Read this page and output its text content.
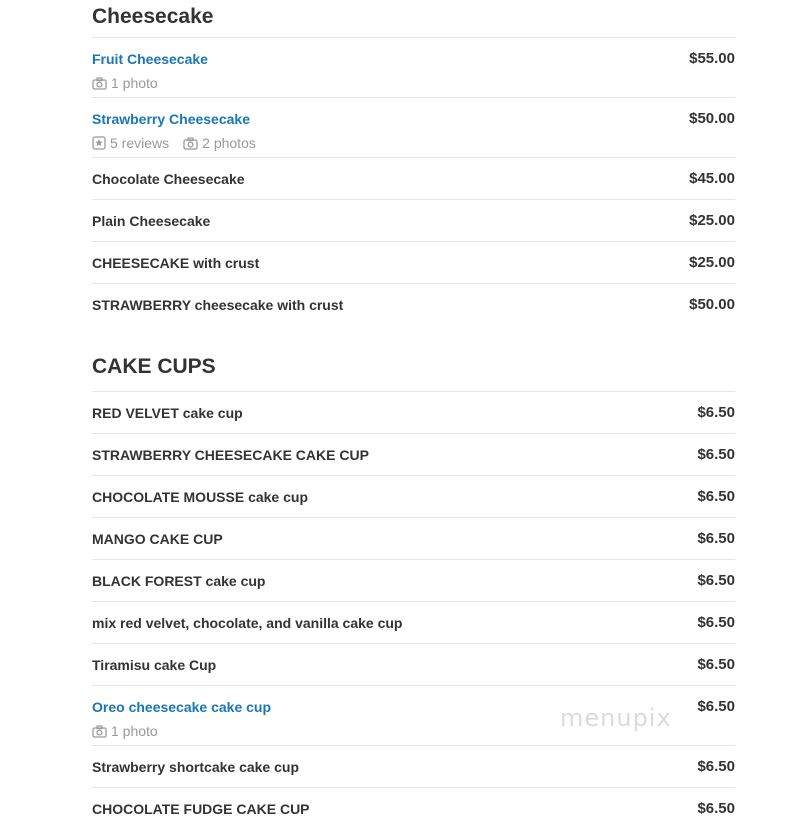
Cheesecake
Fruit Cheesecake	$55.00
1 photo
Strawberry Cheesecake	$50.00
5 reviews 2 photos
Chocolate Cheesecake	$45.00
Plain Cheesecake	$25.00
CHEESECAKE with crust	$25.00
STRAWBERRY cheesecake with crust	$50.00
CAKE CUPS
RED VELVET cake cup	$6.50
STRAWBERRY CHEESECAKE CAKE CUP	$6.50
CHOCOLATE MOUSSE cake cup	$6.50
MANGO CAKE CUP	$6.50
BLACK FOREST cake cup	$6.50
mix red velvet, chocolate, and vanilla cake cup	$6.50
Tiramisu cake Cup	$6.50
Oreo cheesecake cake cup	$6.50
1 photo
Strawberry shortcake cake cup	$6.50
CHOCOLATE FUDGE CAKE CUP	$6.50
menupix
